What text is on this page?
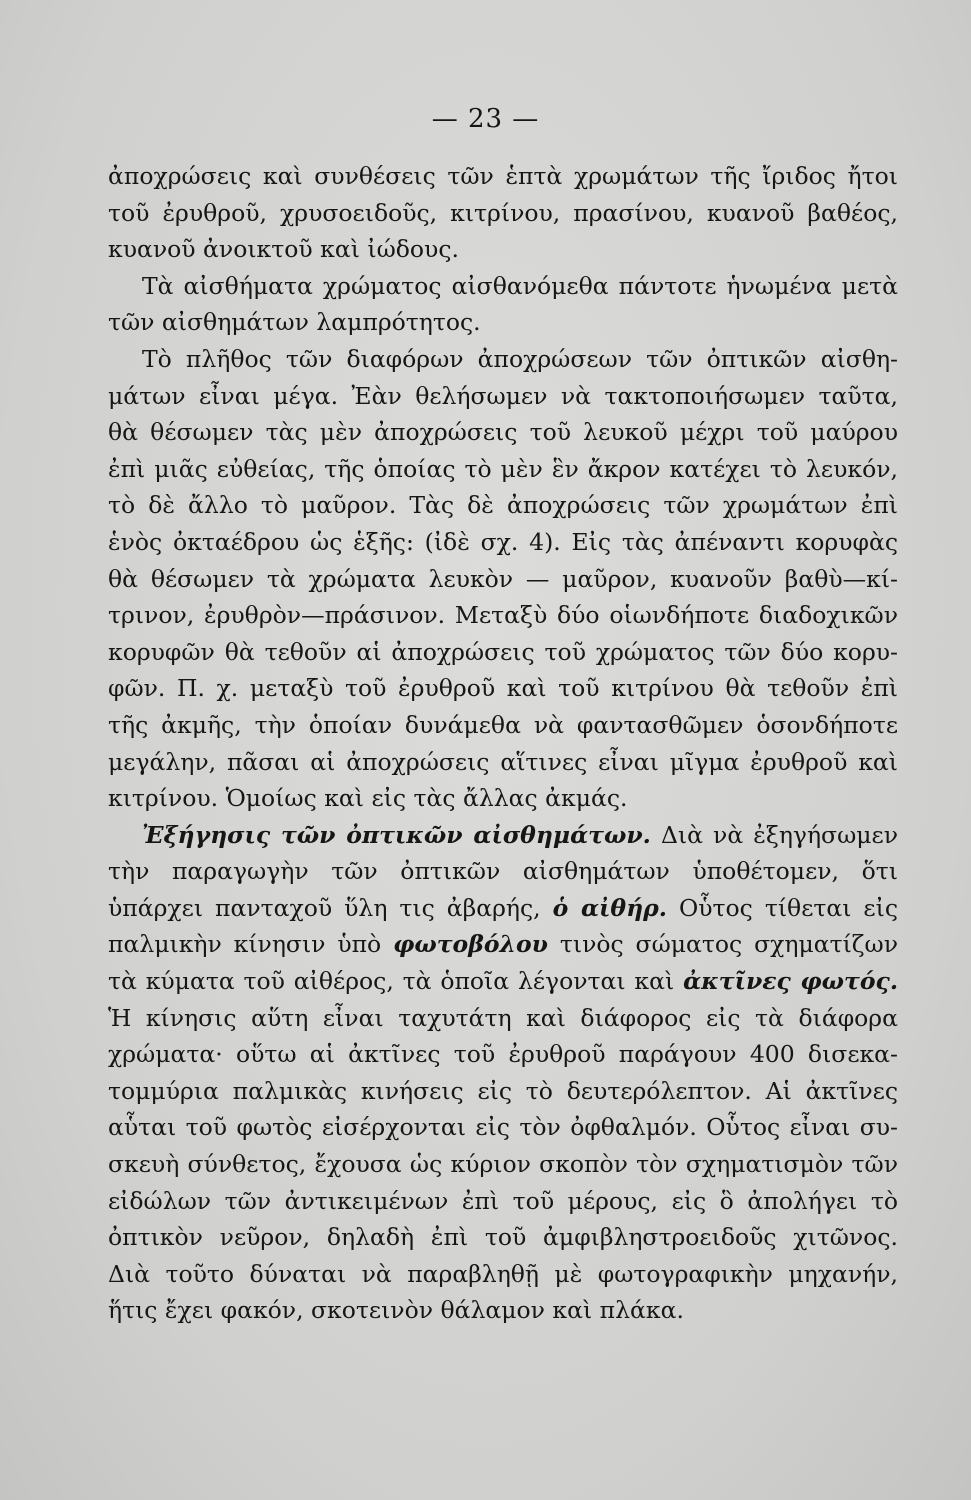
— 23 —
ἀποχρώσεις καὶ συνθέσεις τῶν ἑπτὰ χρωμάτων τῆς ἴριδος ἤτοι
τοῦ ἐρυθροῦ, χρυσοειδοῦς, κιτρίνου, πρασίνου, κυανοῦ βαθέος,
κυανοῦ ἀνοικτοῦ καὶ ἰώδους.
Τὰ αἰσθήματα χρώματος αἰσθανόμεθα πάντοτε ἡνωμένα μετὰ
τῶν αἰσθημάτων λαμπρότητος.
Τὸ πλῆθος τῶν διαφόρων ἀποχρώσεων τῶν ὀπτικῶν αἰσθη-
μάτων εἶναι μέγα. Ἐὰν θελήσωμεν νὰ τακτοποιήσωμεν ταῦτα,
θὰ θέσωμεν τὰς μὲν ἀποχρώσεις τοῦ λευκοῦ μέχρι τοῦ μαύρου
ἐπὶ μιᾶς εὐθείας, τῆς ὁποίας τὸ μὲν ἓν ἄκρον κατέχει τὸ λευκόν,
τὸ δὲ ἄλλο τὸ μαῦρον. Τὰς δὲ ἀποχρώσεις τῶν χρωμάτων ἐπὶ
ἑνὸς ὀκταέδρου ὡς ἑξῆς: (ἰδὲ σχ. 4). Εἰς τὰς ἀπέναντι κορυφὰς
θὰ θέσωμεν τὰ χρώματα λευκὸν — μαῦρον, κυανοῦν βαθὺ—κί-
τρινον, ἐρυθρὸν—πράσινον. Μεταξὺ δύο οἱωνδήποτε διαδοχικῶν
κορυφῶν θὰ τεθοῦν αἱ ἀποχρώσεις τοῦ χρώματος τῶν δύο κορυ-
φῶν. Π. χ. μεταξὺ τοῦ ἐρυθροῦ καὶ τοῦ κιτρίνου θὰ τεθοῦν ἐπὶ
τῆς ἀκμῆς, τὴν ὁποίαν δυνάμεθα νὰ φαντασθῶμεν ὁσονδήποτε
μεγάλην, πᾶσαι αἱ ἀποχρώσεις αἵτινες εἶναι μῖγμα ἐρυθροῦ καὶ
κιτρίνου. Ὁμοίως καὶ εἰς τὰς ἄλλας ἀκμάς.
Ἐξήγησις τῶν ὀπτικῶν αἰσθημάτων. Διὰ νὰ ἐξηγήσωμεν
τὴν παραγωγὴν τῶν ὀπτικῶν αἰσθημάτων ὑποθέτομεν, ὅτι
ὑπάρχει πανταχοῦ ὕλη τις ἀβαρής, ὁ αἰθήρ. Οὗτος τίθεται εἰς
παλμικὴν κίνησιν ὑπὸ φωτοβόλου τινὸς σώματος σχηματίζων
τὰ κύματα τοῦ αἰθέρος, τὰ ὁποῖα λέγονται καὶ ἀκτῖνες φωτός.
Ἡ κίνησις αὕτη εἶναι ταχυτάτη καὶ διάφορος εἰς τὰ διάφορα
χρώματα· οὕτω αἱ ἀκτῖνες τοῦ ἐρυθροῦ παράγουν 400 δισεκα-
τομμύρια παλμικὰς κινήσεις εἰς τὸ δευτερόλεπτον. Αἱ ἀκτῖνες
αὗται τοῦ φωτὸς εἰσέρχονται εἰς τὸν ὀφθαλμόν. Οὗτος εἶναι συ-
σκευὴ σύνθετος, ἔχουσα ὡς κύριον σκοπὸν τὸν σχηματισμὸν τῶν
εἰδώλων τῶν ἀντικειμένων ἐπὶ τοῦ μέρους, εἰς ὃ ἀπολήγει τὸ
ὀπτικὸν νεῦρον, δηλαδὴ ἐπὶ τοῦ ἀμφιβληστροειδοῦς χιτῶνος.
Διὰ τοῦτο δύναται νὰ παραβληθῇ μὲ φωτογραφικὴν μηχανήν,
ἥτις ἔχει φακόν, σκοτεινὸν θάλαμον καὶ πλάκα.
